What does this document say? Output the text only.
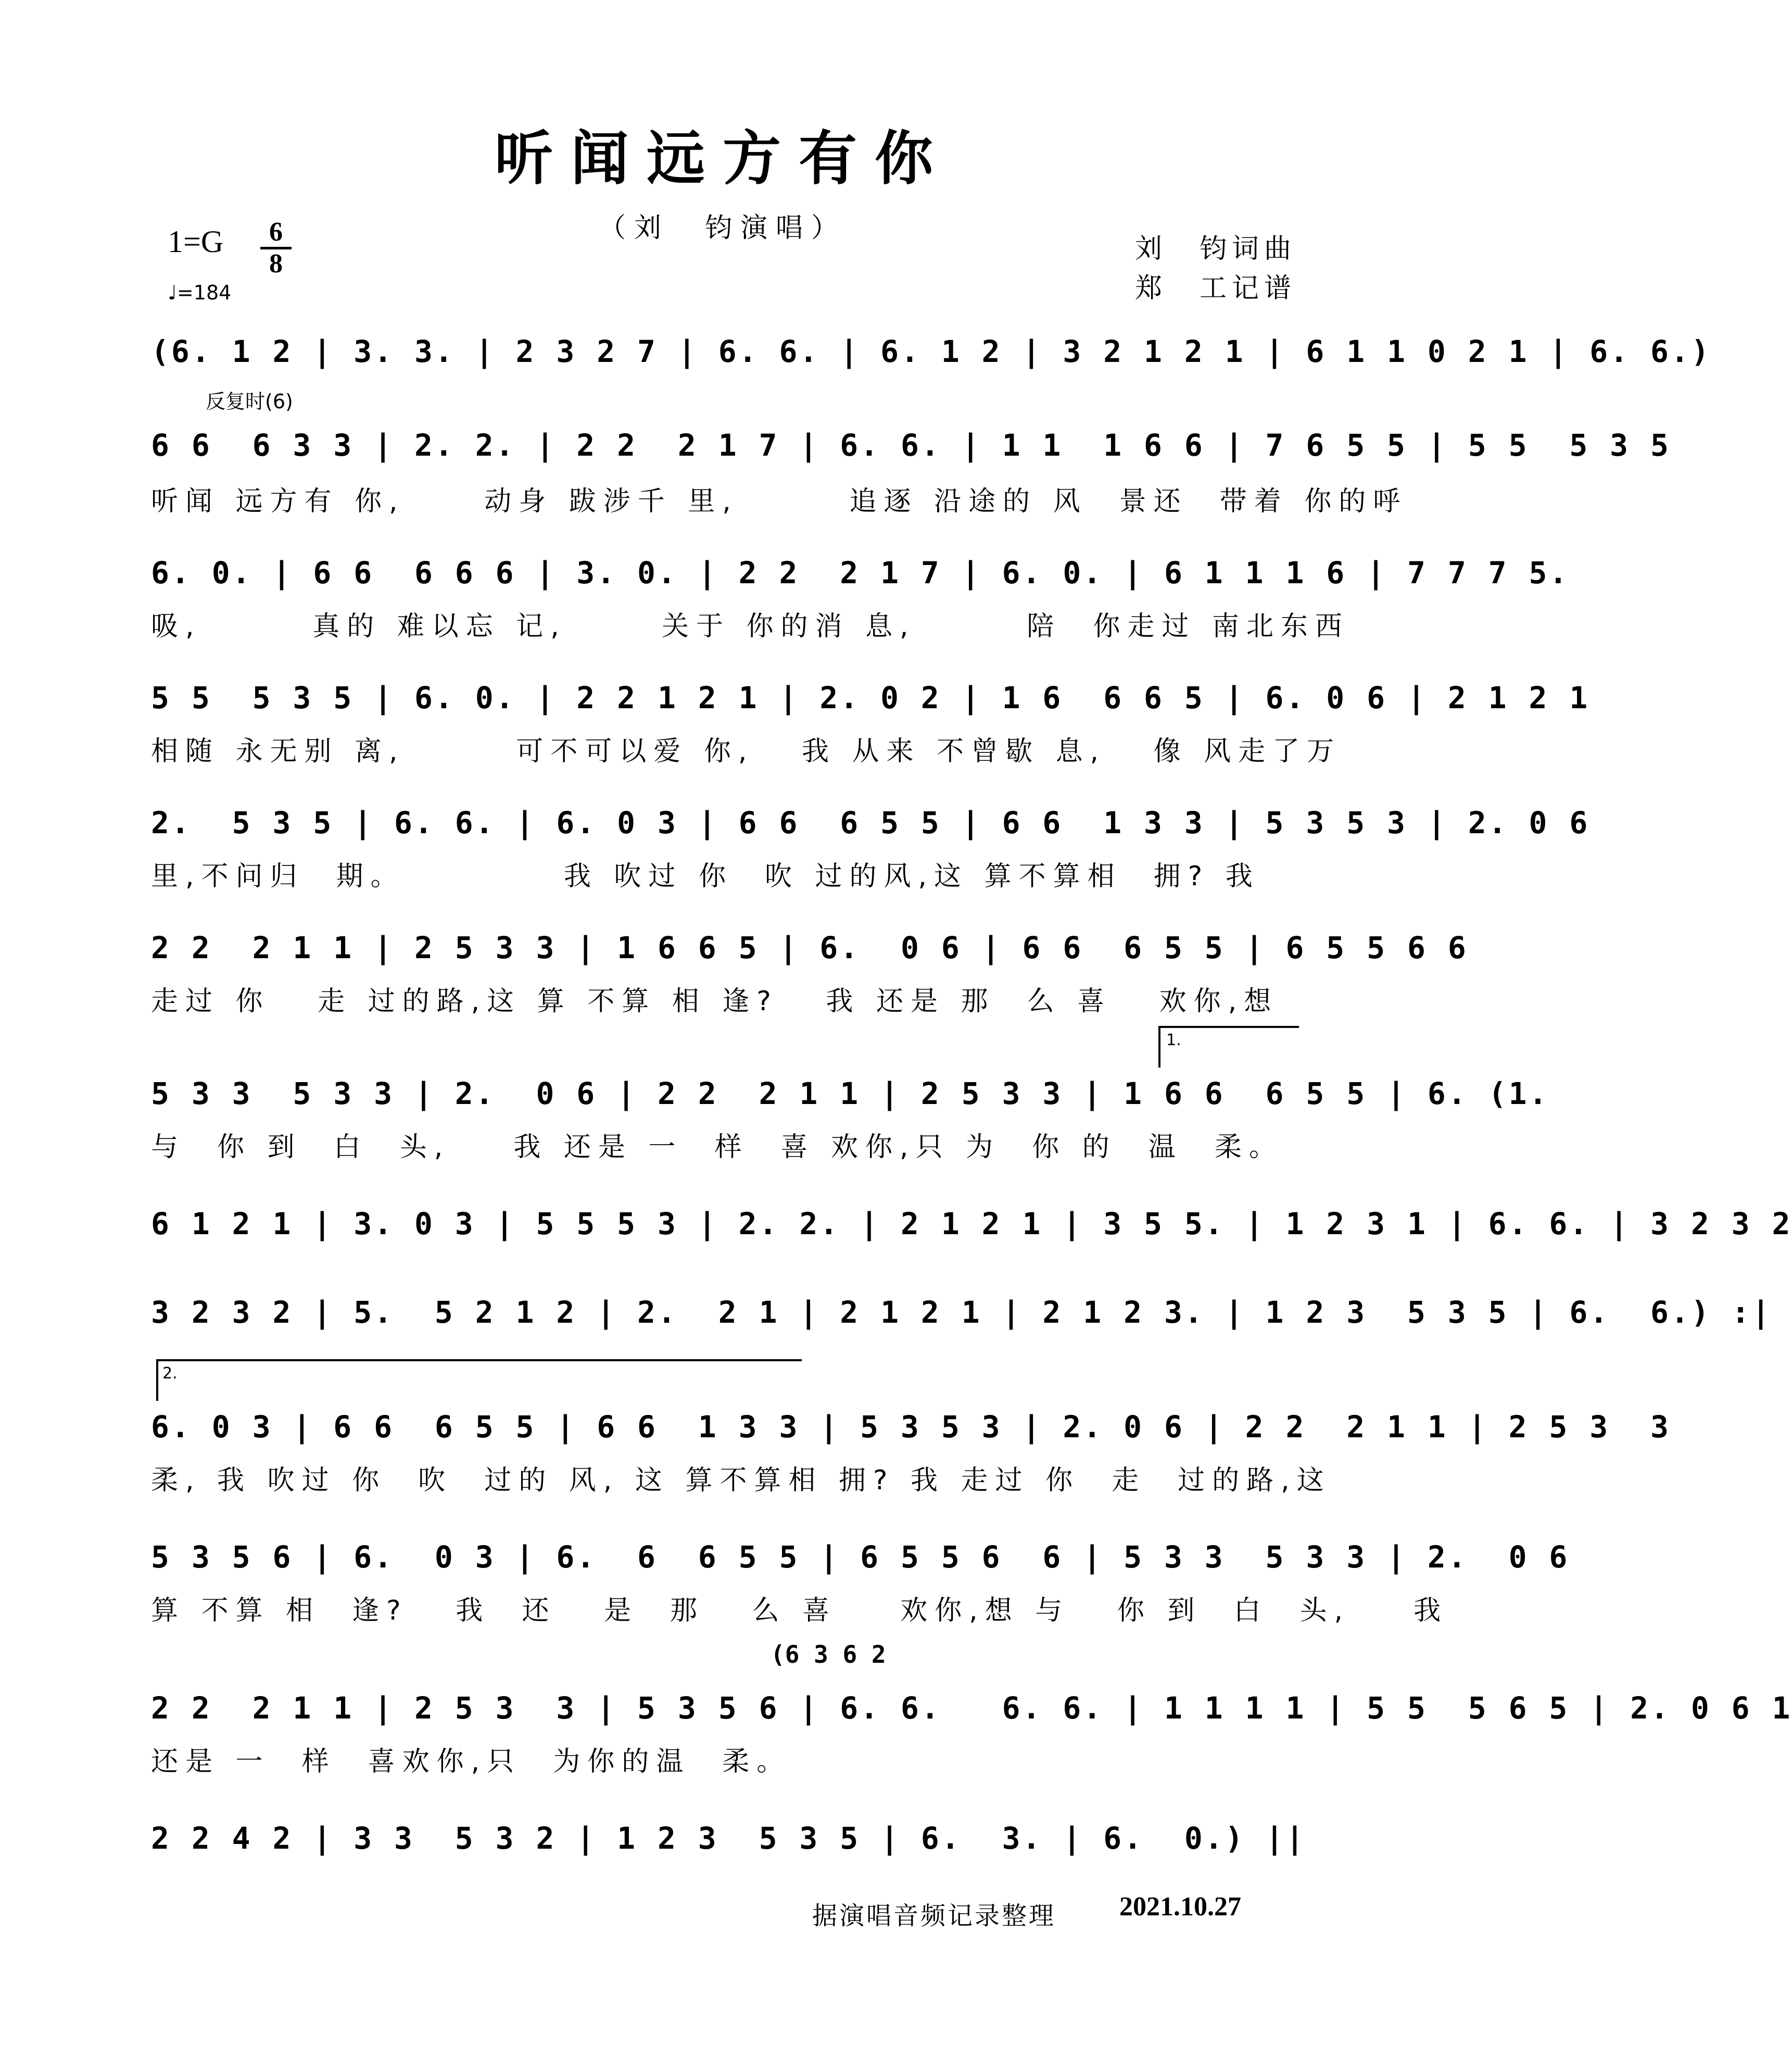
听闻远方有你
（刘　钧演唱）
1=G	6
8
♩=184
刘　钧词曲
郑　工记谱
反复时(6)
1.
2.
(6 3 6 2
(6. 1 2 | 3. 3. | 2 3 2 7 | 6. 6. | 6. 1 2 | 3 2 1 2 1 | 6 1 1 0 2 1 | 6. 6.)
6 6  6 3 3 | 2. 2. | 2 2  2 1 7 | 6. 6. | 1 1  1 6 6 | 7 6 5 5 | 5 5  5 3 5
听闻 远方有 你,     动身 跋涉千 里,       追逐 沿途的 风  景还  带着 你的呼
6. 0. | 6 6  6 6 6 | 3. 0. | 2 2  2 1 7 | 6. 0. | 6 1 1 1 6 | 7 7 7 5.
吸,       真的 难以忘 记,      关于 你的消 息,       陪  你走过 南北东西
5 5  5 3 5 | 6. 0. | 2 2 1 2 1 | 2. 0 2 | 1 6  6 6 5 | 6. 0 6 | 2 1 2 1
相随 永无别 离,       可不可以爱 你,   我 从来 不曾歇 息,   像 风走了万
2.  5 3 5 | 6. 6. | 6. 0 3 | 6 6  6 5 5 | 6 6  1 3 3 | 5 3 5 3 | 2. 0 6
里,不问归  期。          我 吹过 你  吹 过的风,这 算不算相  拥? 我
2 2  2 1 1 | 2 5 3 3 | 1 6 6 5 | 6.  0 6 | 6 6  6 5 5 | 6 5 5 6 6
走过 你   走 过的路,这 算 不算 相 逢?   我 还是 那  么 喜   欢你,想
5 3 3  5 3 3 | 2.  0 6 | 2 2  2 1 1 | 2 5 3 3 | 1 6 6  6 5 5 | 6. (1.
与  你 到  白  头,    我 还是 一  样  喜 欢你,只 为  你 的  温  柔。
6 1 2 1 | 3. 0 3 | 5 5 5 3 | 2. 2. | 2 1 2 1 | 3 5 5. | 1 2 3 1 | 6. 6. | 3 2 3 2
3 2 3 2 | 5.  5 2 1 2 | 2.  2 1 | 2 1 2 1 | 2 1 2 3. | 1 2 3  5 3 5 | 6.  6.) :|
6. 0 3 | 6 6  6 5 5 | 6 6  1 3 3 | 5 3 5 3 | 2. 0 6 | 2 2  2 1 1 | 2 5 3  3
柔, 我 吹过 你  吹  过的 风, 这 算不算相 拥? 我 走过 你  走  过的路,这
5 3 5 6 | 6.  0 3 | 6.  6  6 5 5 | 6 5 5 6  6 | 5 3 3  5 3 3 | 2.  0 6
算 不算 相  逢?   我  还   是  那   么 喜    欢你,想 与   你 到  白  头,    我
2 2  2 1 1 | 2 5 3  3 | 5 3 5 6 | 6. 6.   6. 6. | 1 1 1 1 | 5 5  5 6 5 | 2. 0 6 1
还是 一  样  喜欢你,只  为你的温  柔。
2 2 4 2 | 3 3  5 3 2 | 1 2 3  5 3 5 | 6.  3. | 6.  0.) ||
据演唱音频记录整理 2021.10.27
